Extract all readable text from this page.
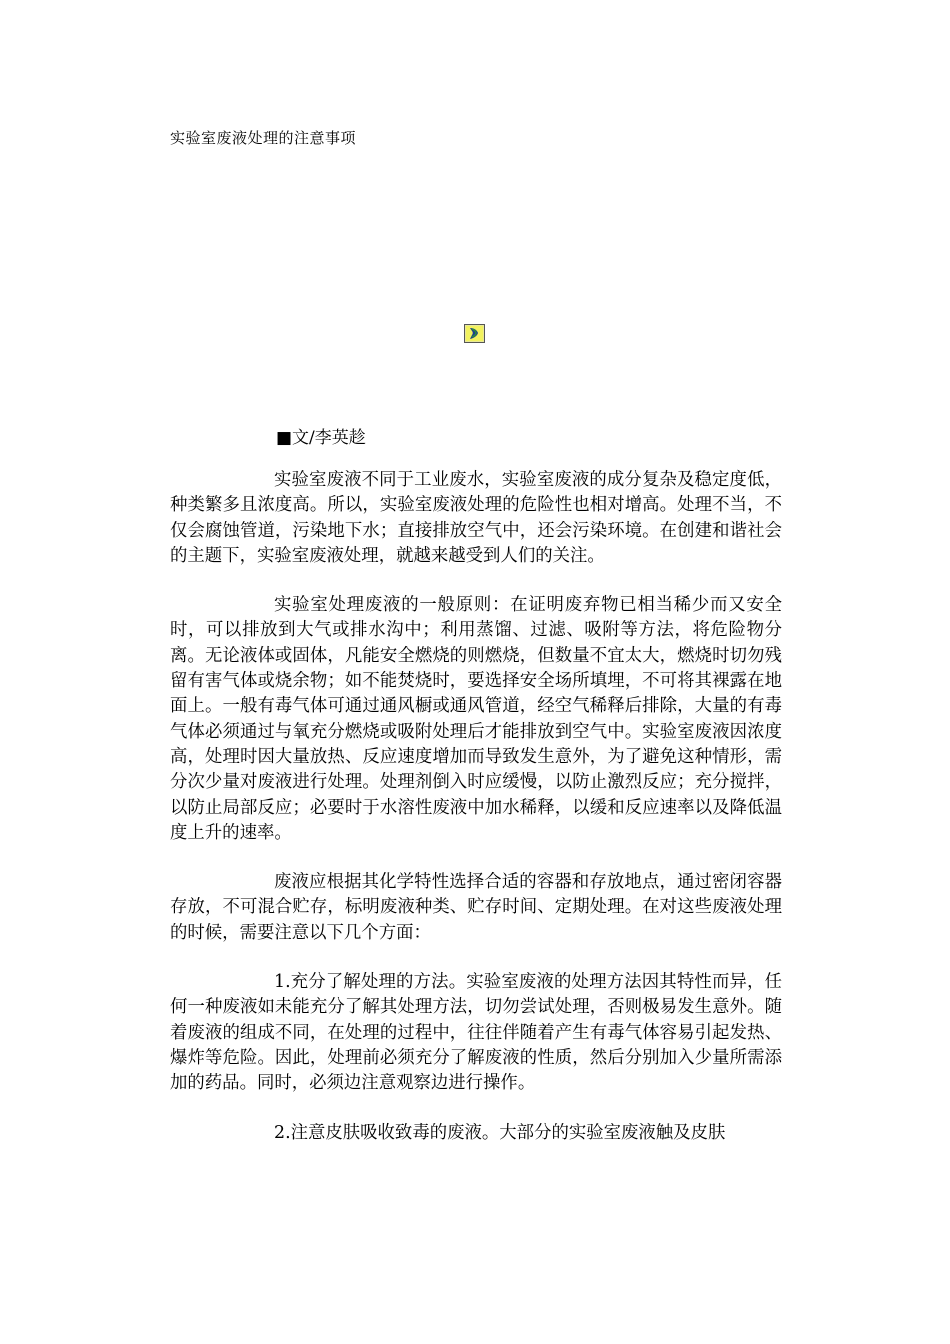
实验室废液处理的注意事项
■文/李英趁

实验室废液不同于工业废水，实验室废液的成分复杂及稳定度低，种类繁多且浓度高。所以，实验室废液处理的危险性也相对增高。处理不当，不仅会腐蚀管道，污染地下水；直接排放空气中，还会污染环境。在创建和谐社会的主题下，实验室废液处理，就越来越受到人们的关注。

实验室处理废液的一般原则：在证明废弃物已相当稀少而又安全时，可以排放到大气或排水沟中；利用蒸馏、过滤、吸附等方法，将危险物分离。无论液体或固体，凡能安全燃烧的则燃烧，但数量不宜太大，燃烧时切勿残留有害气体或烧余物；如不能焚烧时，要选择安全场所填埋，不可将其裸露在地面上。一般有毒气体可通过通风橱或通风管道，经空气稀释后排除，大量的有毒气体必须通过与氧充分燃烧或吸附处理后才能排放到空气中。实验室废液因浓度高，处理时因大量放热、反应速度增加而导致发生意外，为了避免这种情形，需分次少量对废液进行处理。处理剂倒入时应缓慢，以防止激烈反应；充分搅拌，以防止局部反应；必要时于水溶性废液中加水稀释，以缓和反应速率以及降低温度上升的速率。

废液应根据其化学特性选择合适的容器和存放地点，通过密闭容器存放，不可混合贮存，标明废液种类、贮存时间、定期处理。在对这些废液处理的时候，需要注意以下几个方面：

1.充分了解处理的方法。实验室废液的处理方法因其特性而异，任何一种废液如未能充分了解其处理方法，切勿尝试处理，否则极易发生意外。随着废液的组成不同，在处理的过程中，往往伴随着产生有毒气体容易引起发热、爆炸等危险。因此，处理前必须充分了解废液的性质，然后分别加入少量所需添加的药品。同时，必须边注意观察边进行操作。

2.注意皮肤吸收致毒的废液。大部分的实验室废液触及皮肤
